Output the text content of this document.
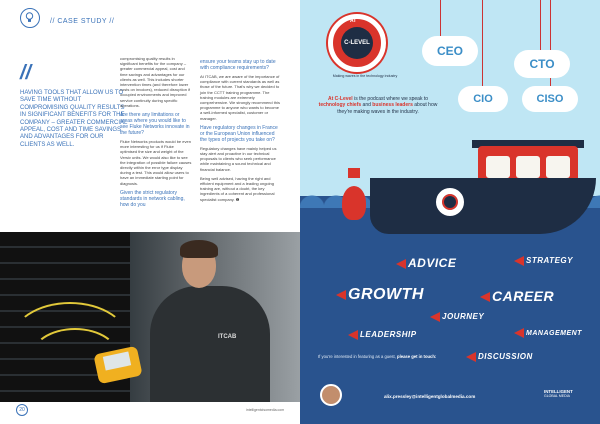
// CASE STUDY //
//
HAVING TOOLS THAT ALLOW US TO SAVE TIME WITHOUT COMPROMISING QUALITY RESULTS IN SIGNIFICANT BENEFITS FOR THE COMPANY – GREATER COMMERCIAL APPEAL, COST AND TIME SAVINGS AND ADVANTAGES FOR OUR CLIENTS AS WELL.

compromising quality results in significant benefits for the company – greater commercial appeal, cost and time savings and advantages for our clients as well. This includes shorter intervention times (and therefore lower costs on invoices), reduced disruption if occupied environments and improved service continuity during specific operations.

Are there any limitations or areas where you would like to see Fluke Networks innovate in the future?

Fluke Networks products would be even more interesting for us if Fluke optimised the size and weight of the Versiv units. We would also like to see the integration of possible failure causes directly within the error type display during a test. This would allow users to have an immediate starting point for diagnosis.

Given the strict regulatory standards in network cabling, how do you

ensure your teams stay up to date with compliance requirements?

At ITCAB, we are aware of the importance of compliance with current standards as well as those of the future. That's why we decided to join the CCTT training programme. The training modules are extremely comprehensive. We strongly recommend this programme to anyone who wants to become a well-informed specialist, customer or manager.

Have regulatory changes in France or the European Union influenced the types of projects you take on?

Regulatory changes have mainly helped us stay alert and proactive in our technical proposals to clients who seek performance while maintaining a sound technical and financial balance.

Being well advised, having the right and efficient equipment and a leading ongoing training are, without a doubt, the key ingredients of a coherent and professional specialist company. ❶

ITCAB
20	intelligentcisomedia.com
C-LEVEL
AT
Making waves in the technology industry
At C-Level is the podcast where we speak to technology chiefs and business leaders about how they're making waves in the industry.
CEO
CTO
CIO	CISO
ADVICE	STRATEGY
GROWTH	CAREER
JOURNEY
LEADERSHIP	MANAGEMENT
DISCUSSION
If you're interested in featuring as a guest, please get in touch:
alix.pressley@intelligentglobalmedia.com
INTELLIGENT
GLOBAL MEDIA
